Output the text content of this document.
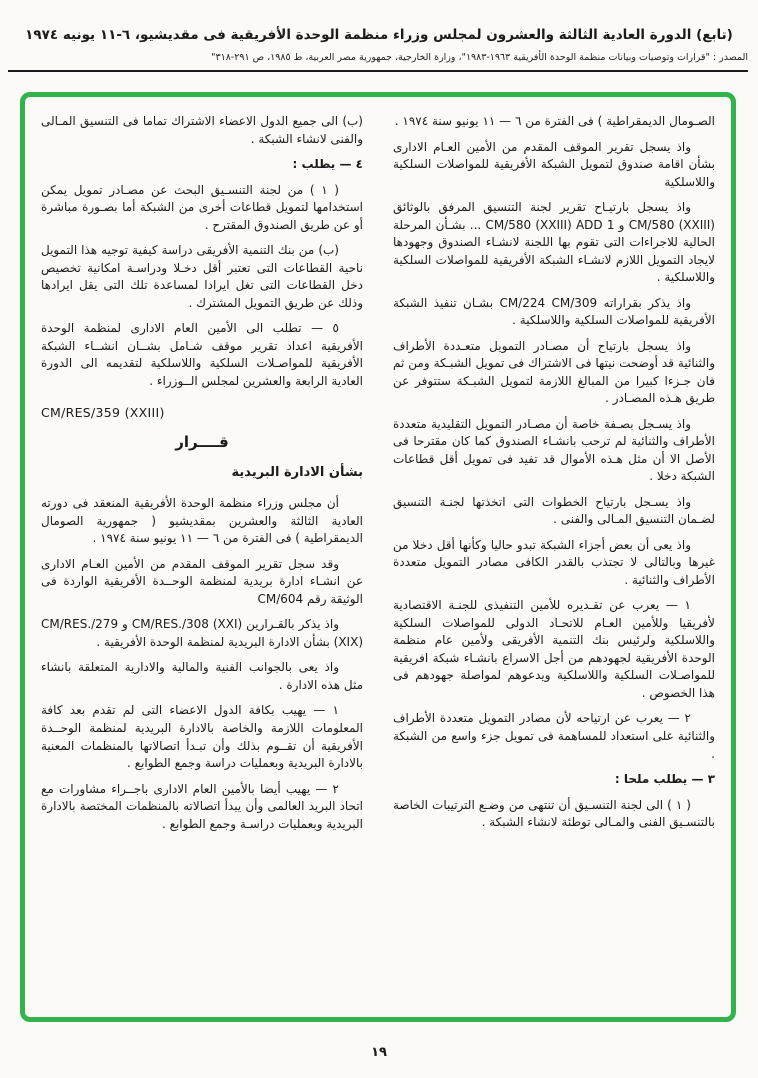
(تابع) الدورة العادية الثالثة والعشرون لمجلس وزراء منظمة الوحدة الأفريقية فى مقديشيو، ٦-١١ يونيه ١٩٧٤
المصدر : "قرارات وتوصيات وبيانات منظمة الوحدة الأفريقية ١٩٦٣-١٩٨٣"، وزارة الخارجية، جمهورية مصر العربية، ط ١٩٨٥، ص ٢٩١-٣١٨"

الصـومال الديمقراطية ) فى الفترة من ٦ — ١١ يونيو سنة ١٩٧٤ .

واذ يسجل تقرير الموقف المقدم من الأمين العـام الادارى بشأن اقامة صندوق لتمويل الشبكة الأفريقية للمواصلات السلكية واللاسلكية

واذ يسجل بارتيـاح تقرير لجنة التنسيق المرفق بالوثائق CM/580 (XXIII) و CM/580 (XXIII) ADD 1 ... بشـأن المرحلة الحالية للاجراءات التى تقوم بها اللجنة لانشـاء الصندوق وجهودها لايجاد التمويل اللازم لانشـاء الشبكة الأفريقية للمواصلات السلكية واللاسلكية .

واذ يذكر بقراراته CM/224 CM/309 بشـان تنفيذ الشبكة الأفريقية للمواصلات السلكية واللاسلكية .

واذ يسجل بارتياح أن مصـادر التمويل متعـددة الأطراف والثنائية قد أوضحت نيتها فى الاشتراك فى تمويل الشبـكة ومن ثم فان جـزءا كبيرا من المبالغ اللازمة لتمويل الشبـكة ستتوفر عن طريق هـذه المصـادر .

واذ يسـجل بصـفة خاصة أن مصـادر التمويل التقليدية متعددة الأطراف والثنائية لم ترحب بانشـاء الصندوق كما كان مقترحا فى الأصل الا أن مثل هـذه الأموال قد تفيد فى تمويل أقل قطاعات الشبكة دخلا .

واذ يسـجل بارتياح الخطوات التى اتخذتها لجنـة التنسيق لضـمان التنسيق المـالى والفنى .

واذ يعى أن بعض أجزاء الشبكة تبدو حاليا وكأنها أقل دخلا من غيرها وبالتالى لا تجتذب بالقدر الكافى مصادر التمويل متعددة الأطراف والثنائية .

١ — يعرب عن تقـديره للأمين التنفيذى للجنـة الاقتصادية لأفريقيا وللأمين العـام للاتحـاد الدولى للمواصلات السلكية واللاسلكية ولرئيس بنك التنمية الأفريقى ولأمين عام منظمة الوحدة الأفريقية لجهودهم من أجل الاسراع بانشـاء شبكة افريقية للمواصـلات السلكية واللاسلكية ويدعوهم لمواصلة جهودهم فى هذا الخصوص .

٢ — يعرب عن ارتياحه لأن مصادر التمويل متعددة الأطراف والثنائية على استعداد للمساهمة فى تمويل جزء واسع من الشبكة .

٣ — يطلب ملحا :

( ١ ) الى لجنة التنسـيق أن تنتهى من وضـع الترتيبات الخاصة بالتنسـيق الفنى والمـالى توطئة لانشاء الشبكة .

(ب) الى جميع الدول الاعضاء الاشتراك تماما فى التنسيق المـالى والفنى لانشاء الشبكة .

٤ — يطلب :

( ١ ) من لجنة التنسـيق البحث عن مصـادر تمويل يمكن استخدامها لتمويل قطاعات أخرى من الشبكة أما بصـورة مباشرة أو عن طريق الصندوق المقترح .

(ب) من بنك التنمية الأفريقى دراسة كيفية توجيه هذا التمويل ناحية القطاعات التى تعتبر أقل دخـلا ودراسـة امكانية تخصيص دخل القطاعات التى تغل ايرادا لمساعدة تلك التى يقل ايرادها وذلك عن طريق التمويل المشترك .

٥ — تطلب الى الأمين العام الادارى لمنظمة الوحدة الأفريقية اعداد تقرير موقف شـامل بشــان انشــاء الشبكة الأفريقية للمواصـلات السلكية واللاسلكية لتقديمه الى الدورة العادية الرابعة والعشرين لمجلس الــوزراء .

CM/RES/359 (XXIII)

قــــرار

بشأن الادارة البريدية

أن مجلس وزراء منظمة الوحدة الأفريقية المنعقد فى دورته العادية الثالثة والعشرين بمقديشيو ( جمهورية الصومال الديمقراطية ) فى الفترة من ٦ — ١١ يونيو سنة ١٩٧٤ .

وقد سجل تقرير الموقف المقدم من الأمين العـام الادارى عن انشـاء ادارة بريدية لمنظمة الوحــدة الأفريقية الواردة فى الوثيقة رقم CM/604

واذ يذكر بالقـرارين CM/RES./308 (XXI) و CM/RES./279 (XIX) بشأن الادارة البريدية لمنظمة الوحدة الأفريقية .

واذ يعى بالجوانب الفنية والمالية والادارية المتعلقة بانشاء مثل هذه الادارة .

١ — يهيب بكافة الدول الاعضاء التى لم تقدم بعد كافة المعلومات اللازمة والخاصة بالادارة البريدية لمنظمة الوحــدة الأفريقية أن تقــوم بذلك وأن تبـدأ اتصالاتها بالمنظمات المعنية بالادارة البريدية وبعمليات دراسة وجمع الطوابع .

٢ — يهيب أيضا بالأمين العام الادارى باجــراء مشاورات مع اتحاد البريد العالمى وأن يبدأ اتصالاته بالمنظمات المختصة بالادارة البريدية وبعمليات دراسـة وجمع الطوابع .

١٩
